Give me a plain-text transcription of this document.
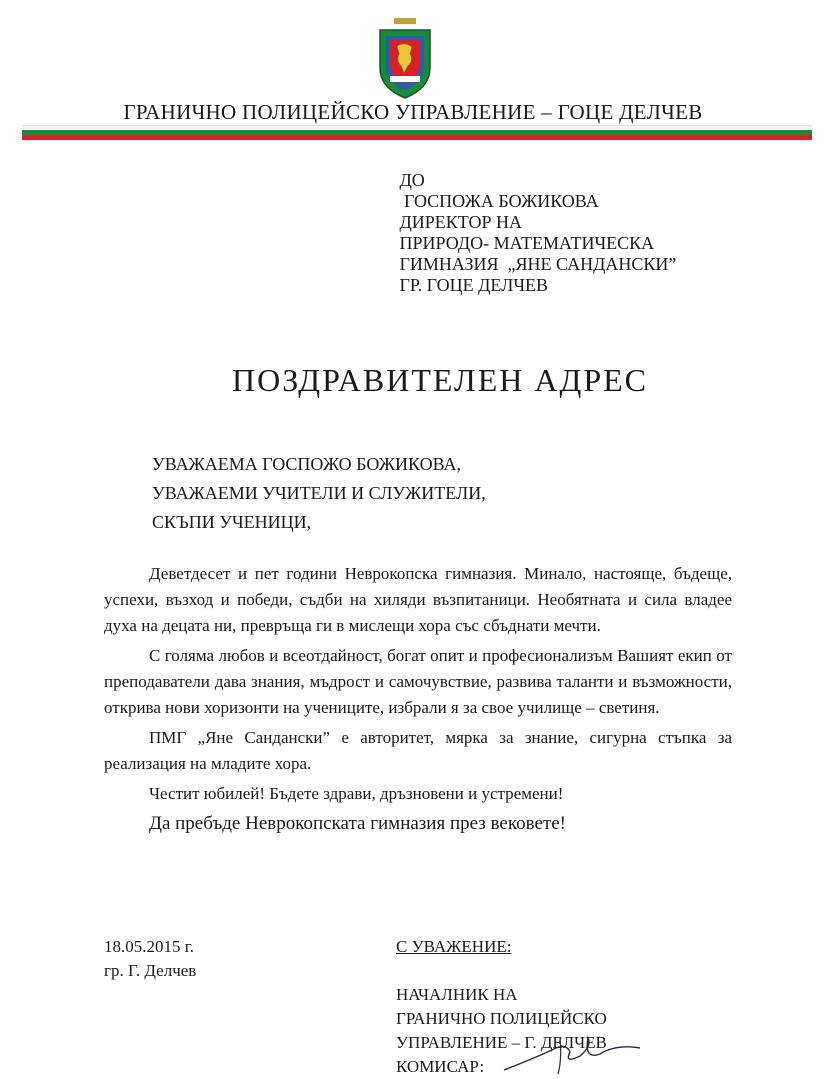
ГРАНИЧНО ПОЛИЦЕЙСКО УПРАВЛЕНИЕ – ГОЦЕ ДЕЛЧЕВ
ДО
ГОСПОЖА БОЖИКОВА
ДИРЕКТОР НА
ПРИРОДО- МАТЕМАТИЧЕСКА
ГИМНАЗИЯ  „ЯНЕ САНДАНСКИ”
ГР. ГОЦЕ ДЕЛЧЕВ
ПОЗДРАВИТЕЛЕН АДРЕС
УВАЖАЕМА ГОСПОЖО БОЖИКОВА,
УВАЖАЕМИ УЧИТЕЛИ И СЛУЖИТЕЛИ,
СКЪПИ УЧЕНИЦИ,

Деветдесет и пет години Неврокопска гимназия. Минало, настояще, бъдеще, успехи, възход и победи, съдби на хиляди възпитаници. Необятната и сила владее духа на децата ни, превръща ги в мислещи хора със сбъднати мечти.

С голяма любов и всеотдайност, богат опит и професионализъм Вашият екип от преподаватели дава знания, мъдрост и самочувствие, развива таланти и възможности, открива нови хоризонти на учениците, избрали я за свое училище – светиня.

ПМГ „Яне Сандански” е авторитет, мярка за знание, сигурна стъпка за реализация на младите хора.

Честит юбилей! Бъдете здрави, дръзновени и устремени!

Да пребъде Неврокопската гимназия през вековете!

18.05.2015 г.
гр. Г. Делчев
С УВАЖЕНИЕ:
НАЧАЛНИК НА
ГРАНИЧНО ПОЛИЦЕЙСКО
УПРАВЛЕНИЕ – Г. ДЕЛЧЕВ
КОМИСАР:
